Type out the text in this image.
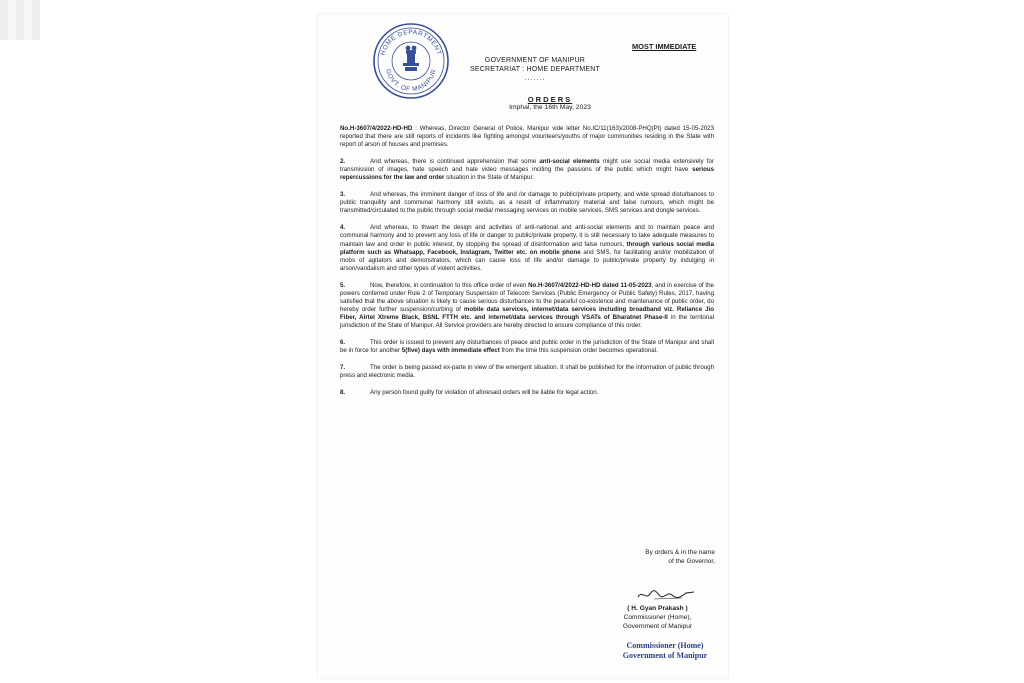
HOME DEPARTMENT
GOVT. OF MANIPUR
MOST IMMEDIATE
GOVERNMENT OF MANIPUR
SECRETARIAT : HOME DEPARTMENT
.......
ORDERS
Imphal, the 16th May, 2023

No.H-3607/4/2022-HD-HD : Whereas, Director General of Police, Manipur vide letter No.IC/11(163)/2008-PHQ(Pt) dated 15-05-2023 reported that there are still reports of incidents like fighting amongst volunteers/youths of major communities residing in the State with report of arson of houses and premises.

2.	And whereas, there is continued apprehension that some anti-social elements might use social media extensively for transmission of images, hate speech and hate video messages inciting the passions of the public which might have serious repercussions for the law and order situation in the State of Manipur.

3.	And whereas, the imminent danger of loss of life and /or damage to public/private property, and wide spread disturbances to public tranquility and communal harmony still exists, as a result of inflammatory material and false rumours, which might be transmitted/circulated to the public through social media/ messaging services on mobile services, SMS services and dongle services.

4.	And whereas, to thwart the design and activities of anti-national and anti-social elements and to maintain peace and communal harmony and to prevent any loss of life or danger to public/private property, it is still necessary to take adequate measures to maintain law and order in public interest, by stopping the spread of disinformation and false rumours, through various social media platform such as Whatsapp, Facebook, Instagram, Twitter etc. on mobile phone and SMS, for facilitating and/or mobilization of mobs of agitators and demonstrators, which can cause loss of life and/or damage to public/private property by indulging in arson/vandalism and other types of violent activities.

5.	Now, therefore, in continuation to this office order of even No.H-3607/4/2022-HD-HD dated 11-05-2023, and in exercise of the powers conferred under Rule 2 of Temporary Suspension of Telecom Services (Public Emergency or Public Safety) Rules, 2017, having satisfied that the above situation is likely to cause serious disturbances to the peaceful co-existence and maintenance of public order, do hereby order further suspension/curbing of mobile data services, internet/data services including broadband viz. Reliance Jio Fiber, Airtel Xtreme Black, BSNL FTTH etc. and internet/data services through VSATs of Bharatnet Phase-II in the territorial jurisdiction of the State of Manipur. All Service providers are hereby directed to ensure compliance of this order.

6.	This order is issued to prevent any disturbances of peace and public order in the jurisdiction of the State of Manipur and shall be in force for another 5(five) days with immediate effect from the time this suspension order becomes operational.

7.	The order is being passed ex-parte in view of the emergent situation. It shall be published for the information of public through press and electronic media.

8.	Any person found guilty for violation of aforesaid orders will be liable for legal action.

By orders & in the name
of the Governor,
( H. Gyan Prakash )
Commissioner (Home),
Government of Manipur
Commissioner (Home)
Government of Manipur
